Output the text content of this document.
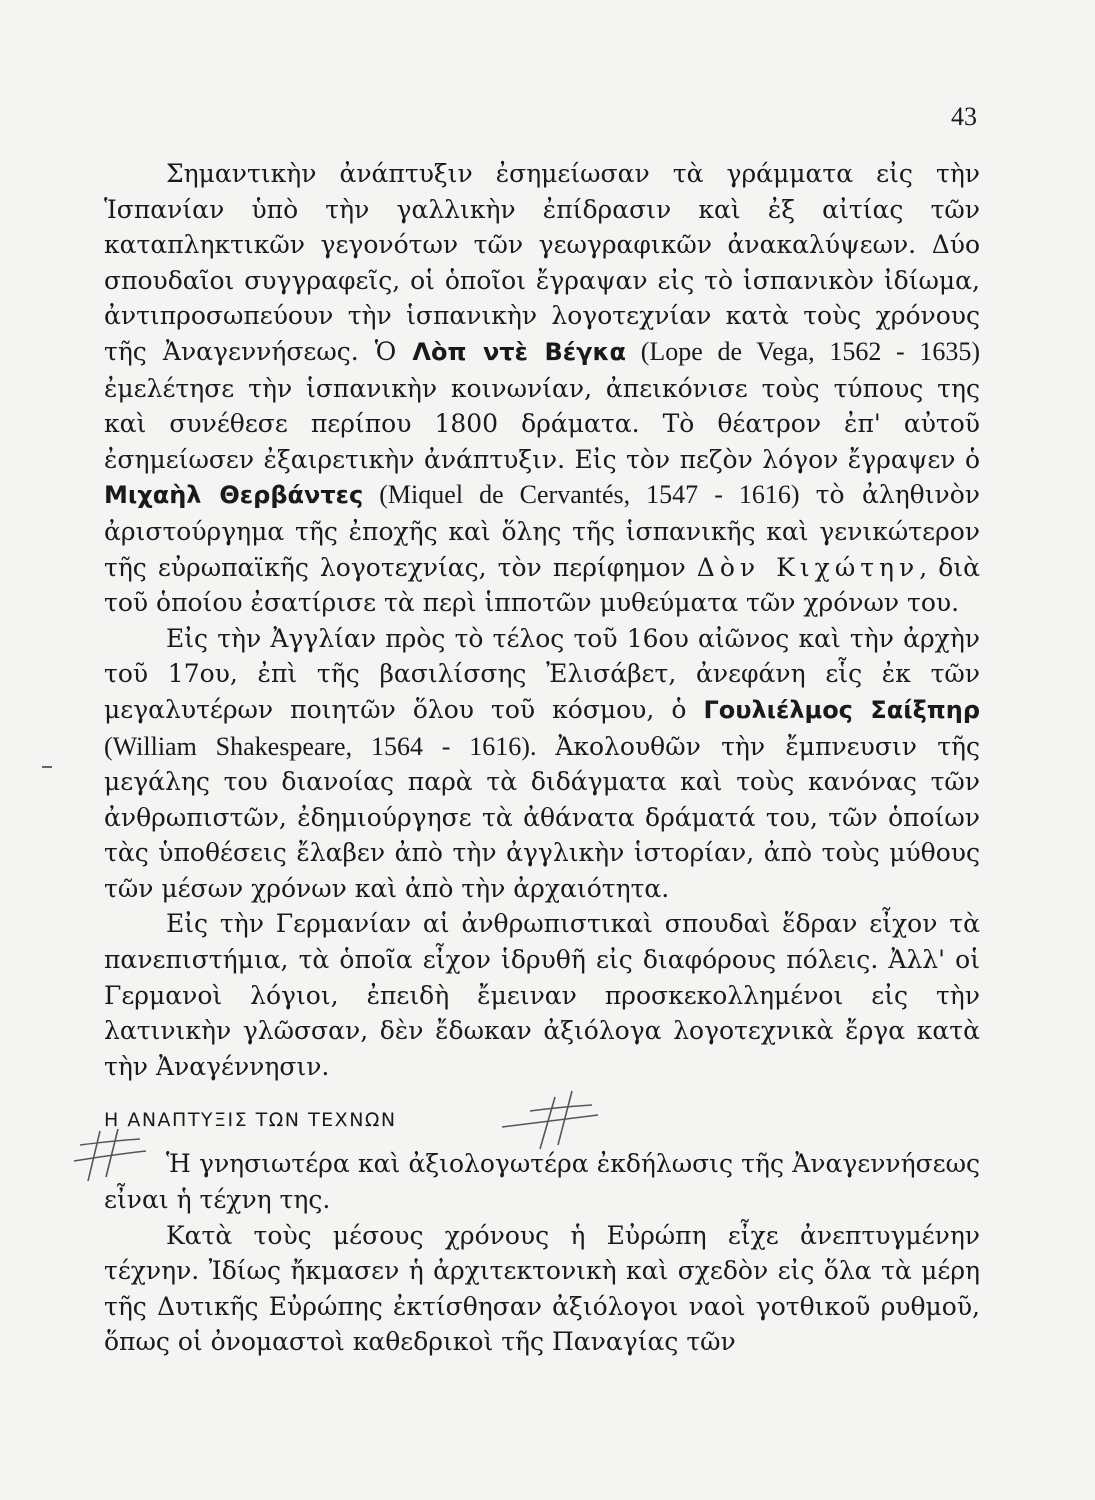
43

Σημαντικὴν ἀνάπτυξιν ἐσημείωσαν τὰ γράμματα εἰς τὴν Ἱσπανίαν ὑπὸ τὴν γαλλικὴν ἐπίδρασιν καὶ ἐξ αἰτίας τῶν καταπληκτικῶν γεγονότων τῶν γεωγραφικῶν ἀνακαλύψεων. Δύο σπουδαῖοι συγγραφεῖς, οἱ ὁποῖοι ἔγραψαν εἰς τὸ ἱσπανικὸν ἰδίωμα, ἀντιπροσωπεύουν τὴν ἱσπανικὴν λογοτεχνίαν κατὰ τοὺς χρόνους τῆς Ἀναγεννήσεως. Ὁ Λὸπ ντὲ Βέγκα (Lope de Vega, 1562 - 1635) ἐμελέτησε τὴν ἱσπανικὴν κοινωνίαν, ἀπεικόνισε τοὺς τύπους της καὶ συνέθεσε περίπου 1800 δράματα. Τὸ θέατρον ἐπ' αὐτοῦ ἐσημείωσεν ἐξαιρετικὴν ἀνάπτυξιν. Εἰς τὸν πεζὸν λόγον ἔγραψεν ὁ Μιχαὴλ Θερβάντες (Miquel de Cervantés, 1547 - 1616) τὸ ἀληθινὸν ἀριστούργημα τῆς ἐποχῆς καὶ ὅλης τῆς ἱσπανικῆς καὶ γενικώτερον τῆς εὐρωπαϊκῆς λογοτεχνίας, τὸν περίφημον Δὸν Κιχώτην, διὰ τοῦ ὁποίου ἐσατίρισε τὰ περὶ ἱπποτῶν μυθεύματα τῶν χρόνων του.

Εἰς τὴν Ἀγγλίαν πρὸς τὸ τέλος τοῦ 16ου αἰῶνος καὶ τὴν ἀρχὴν τοῦ 17ου, ἐπὶ τῆς βασιλίσσης Ἐλισάβετ, ἀνεφάνη εἷς ἐκ τῶν μεγαλυτέρων ποιητῶν ὅλου τοῦ κόσμου, ὁ Γουλιέλμος Σαίξπηρ (William Shakespeare, 1564 - 1616). Ἀκολουθῶν τὴν ἔμπνευσιν τῆς μεγάλης του διανοίας παρὰ τὰ διδάγματα καὶ τοὺς κανόνας τῶν ἀνθρωπιστῶν, ἐδημιούργησε τὰ ἀθάνατα δράματά του, τῶν ὁποίων τὰς ὑποθέσεις ἔλαβεν ἀπὸ τὴν ἀγγλικὴν ἱστορίαν, ἀπὸ τοὺς μύθους τῶν μέσων χρόνων καὶ ἀπὸ τὴν ἀρχαιότητα.

Εἰς τὴν Γερμανίαν αἱ ἀνθρωπιστικαὶ σπουδαὶ ἕδραν εἶχον τὰ πανεπιστήμια, τὰ ὁποῖα εἶχον ἱδρυθῆ εἰς διαφόρους πόλεις. Ἀλλ' οἱ Γερμανοὶ λόγιοι, ἐπειδὴ ἔμειναν προσκεκολλημένοι εἰς τὴν λατινικὴν γλῶσσαν, δὲν ἔδωκαν ἀξιόλογα λογοτεχνικὰ ἔργα κατὰ τὴν Ἀναγέννησιν.

Η ΑΝΑΠΤΥΞΙΣ ΤΩΝ ΤΕΧΝΩΝ

Ἡ γνησιωτέρα καὶ ἀξιολογωτέρα ἐκδήλωσις τῆς Ἀναγεννήσεως εἶναι ἡ τέχνη της.

Κατὰ τοὺς μέσους χρόνους ἡ Εὐρώπη εἶχε ἀνεπτυγμένην τέχνην. Ἰδίως ἤκμασεν ἡ ἀρχιτεκτονικὴ καὶ σχεδὸν εἰς ὅλα τὰ μέρη τῆς Δυτικῆς Εὐρώπης ἐκτίσθησαν ἀξιόλογοι ναοὶ γοτθικοῦ ρυθμοῦ, ὅπως οἱ ὀνομαστοὶ καθεδρικοὶ τῆς Παναγίας τῶν
